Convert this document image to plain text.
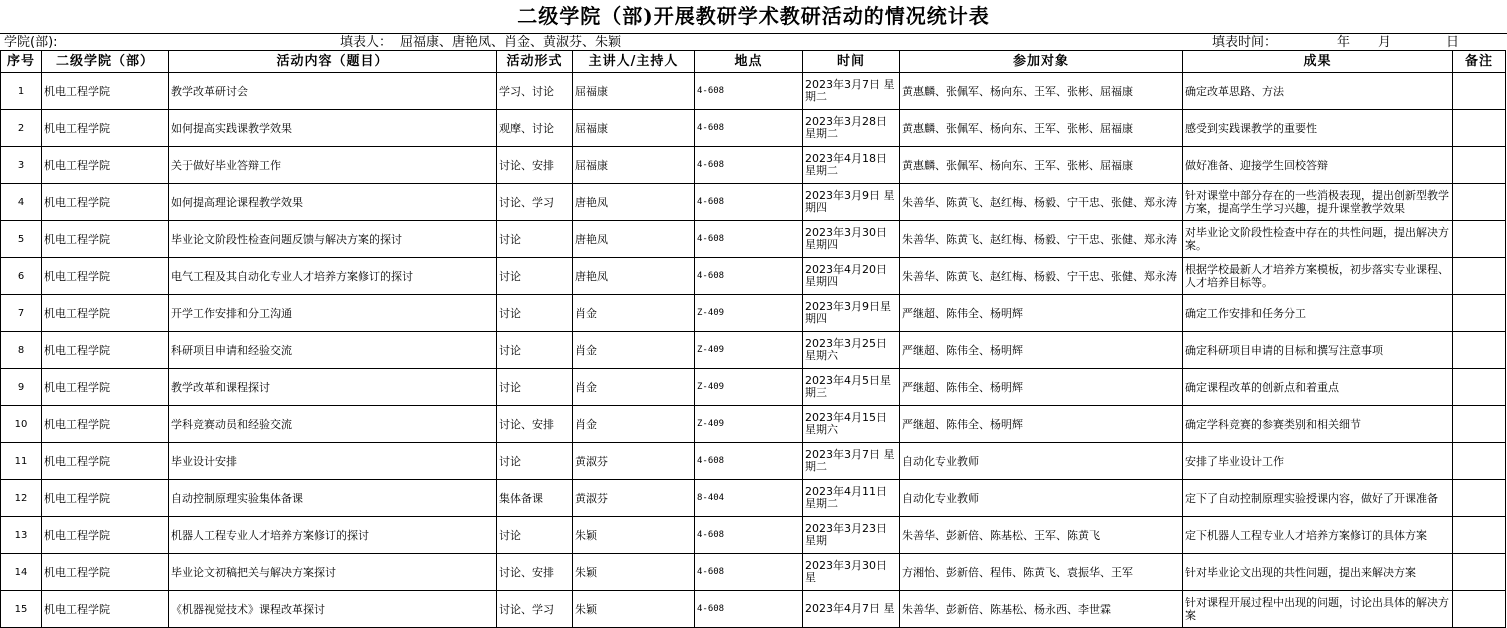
二级学院（部)开展教研学术教研活动的情况统计表
学院(部):	填表人： 屈福康、唐艳凤、肖金、黄淑芬、朱颖	填表时间：	年 月	日
序号	二级学院（部）	活动内容（题目）	活动形式	主讲人/主持人	地点	时间	参加对象	成果	备注
1	机电工程学院	教学改革研讨会	学习、讨论	屈福康	4-608	2023年3月7日 星期二	黄惠麟、张佩军、杨向东、王军、张彬、屈福康	确定改革思路、方法	
2	机电工程学院	如何提高实践课教学效果	观摩、讨论	屈福康	4-608	2023年3月28日 星期二	黄惠麟、张佩军、杨向东、王军、张彬、屈福康	感受到实践课教学的重要性	
3	机电工程学院	关于做好毕业答辩工作	讨论、安排	屈福康	4-608	2023年4月18日 星期二	黄惠麟、张佩军、杨向东、王军、张彬、屈福康	做好准备、迎接学生回校答辩	
4	机电工程学院	如何提高理论课程教学效果	讨论、学习	唐艳凤	4-608	2023年3月9日 星期四	朱善华、陈黄飞、赵红梅、杨毅、宁干忠、张健、郑永涛	针对课堂中部分存在的一些消极表现，提出创新型教学方案，提高学生学习兴趣，提升课堂教学效果	
5	机电工程学院	毕业论文阶段性检查问题反馈与解决方案的探讨	讨论	唐艳凤	4-608	2023年3月30日 星期四	朱善华、陈黄飞、赵红梅、杨毅、宁干忠、张健、郑永涛	对毕业论文阶段性检查中存在的共性问题，提出解决方案。	
6	机电工程学院	电气工程及其自动化专业人才培养方案修订的探讨	讨论	唐艳凤	4-608	2023年4月20日 星期四	朱善华、陈黄飞、赵红梅、杨毅、宁干忠、张健、郑永涛	根据学校最新人才培养方案模板，初步落实专业课程、人才培养目标等。	
7	机电工程学院	开学工作安排和分工沟通	讨论	肖金	Z-409	2023年3月9日星期四	严继超、陈伟全、杨明辉	确定工作安排和任务分工	
8	机电工程学院	科研项目申请和经验交流	讨论	肖金	Z-409	2023年3月25日星期六	严继超、陈伟全、杨明辉	确定科研项目申请的目标和撰写注意事项	
9	机电工程学院	教学改革和课程探讨	讨论	肖金	Z-409	2023年4月5日星期三	严继超、陈伟全、杨明辉	确定课程改革的创新点和着重点	
10	机电工程学院	学科竞赛动员和经验交流	讨论、安排	肖金	Z-409	2023年4月15日星期六	严继超、陈伟全、杨明辉	确定学科竞赛的参赛类别和相关细节	
11	机电工程学院	毕业设计安排	讨论	黄淑芬	4-608	2023年3月7日 星期二	自动化专业教师	安排了毕业设计工作	
12	机电工程学院	自动控制原理实验集体备课	集体备课	黄淑芬	8-404	2023年4月11日 星期二	自动化专业教师	定下了自动控制原理实验授课内容，做好了开课准备	
13	机电工程学院	机器人工程专业人才培养方案修订的探讨	讨论	朱颖	4-608	2023年3月23日星期	朱善华、彭新倍、陈基松、王军、陈黄飞	定下机器人工程专业人才培养方案修订的具体方案	
14	机电工程学院	毕业论文初稿把关与解决方案探讨	讨论、安排	朱颖	4-608	2023年3月30日 星	方湘怡、彭新倍、程伟、陈黄飞、袁振华、王军	针对毕业论文出现的共性问题，提出来解决方案	
15	机电工程学院	《机器视觉技术》课程改革探讨	讨论、学习	朱颖	4-608	2023年4月7日 星	朱善华、彭新倍、陈基松、杨永西、李世霖	针对课程开展过程中出现的问题，讨论出具体的解决方案	
